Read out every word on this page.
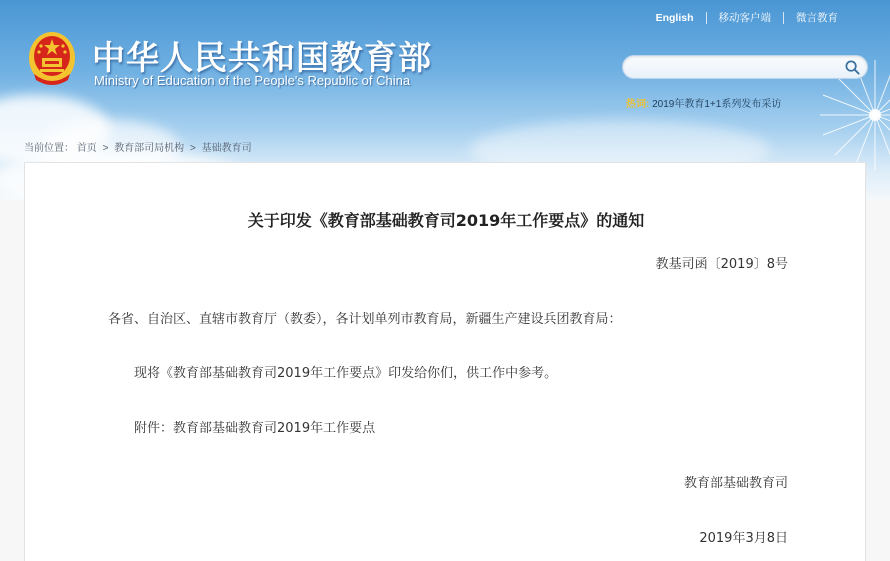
中华人民共和国教育部
Ministry of Education of the People's Republic of China
English	移动客户端	微言教育
热词: 2019年教育1+1系列发布采访
当前位置： 首页 > 教育部司局机构 > 基础教育司
关于印发《教育部基础教育司2019年工作要点》的通知
教基司函〔2019〕8号
各省、自治区、直辖市教育厅（教委），各计划单列市教育局，新疆生产建设兵团教育局：
现将《教育部基础教育司2019年工作要点》印发给你们，供工作中参考。
附件：教育部基础教育司2019年工作要点
教育部基础教育司
2019年3月8日
